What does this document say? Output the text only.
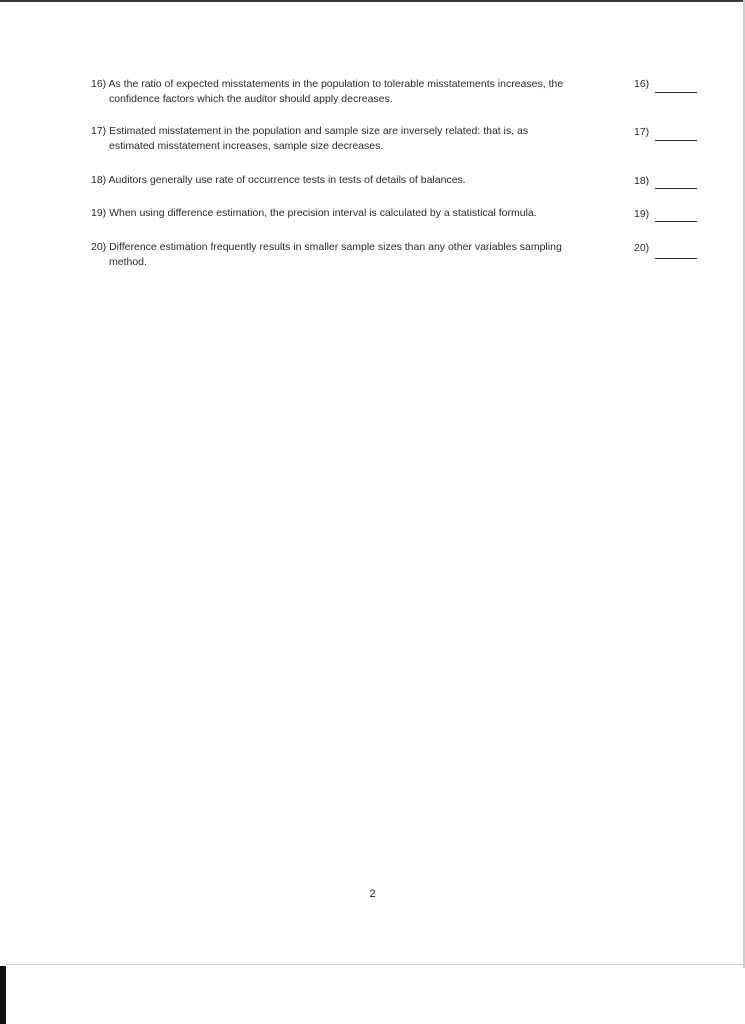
16) As the ratio of expected misstatements in the population to tolerable misstatements increases, the
confidence factors which the auditor should apply decreases.
16)
17) Estimated misstatement in the population and sample size are inversely related: that is, as
estimated misstatement increases, sample size decreases.
17)
18) Auditors generally use rate of occurrence tests in tests of details of balances.	18)
19) When using difference estimation, the precision interval is calculated by a statistical formula.	19)
20) Difference estimation frequently results in smaller sample sizes than any other variables sampling
method.
20)
2
